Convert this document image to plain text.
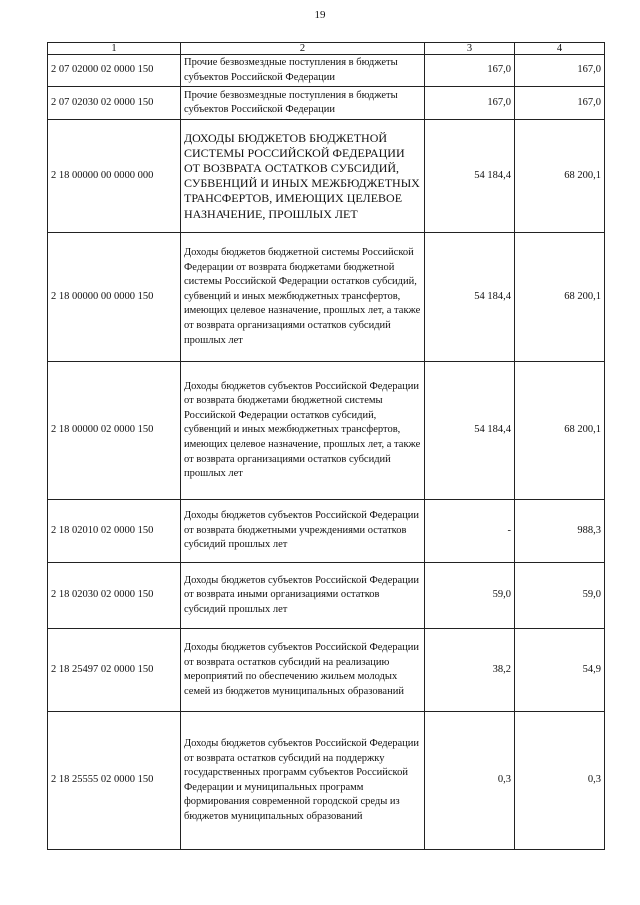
19
1	2	3	4
2 07 02000 02 0000 150	Прочие безвозмездные поступления в бюджеты субъектов Российской Федерации	167,0	167,0
2 07 02030 02 0000 150	Прочие безвозмездные поступления в бюджеты субъектов Российской Федерации	167,0	167,0
2 18 00000 00 0000 000	ДОХОДЫ БЮДЖЕТОВ БЮДЖЕТНОЙ СИСТЕМЫ РОССИЙСКОЙ ФЕДЕРАЦИИ ОТ ВОЗВРАТА ОСТАТКОВ СУБСИДИЙ, СУБВЕНЦИЙ И ИНЫХ МЕЖБЮДЖЕТНЫХ ТРАНСФЕРТОВ, ИМЕЮЩИХ ЦЕЛЕВОЕ НАЗНАЧЕНИЕ, ПРОШЛЫХ ЛЕТ	54 184,4	68 200,1
2 18 00000 00 0000 150	Доходы бюджетов бюджетной системы Российской Федерации от возврата бюджетами бюджетной системы Российской Федерации остатков субсидий, субвенций и иных межбюджетных трансфертов, имеющих целевое назначение, прошлых лет, а также от возврата организациями остатков субсидий прошлых лет	54 184,4	68 200,1
2 18 00000 02 0000 150	Доходы бюджетов субъектов Российской Федерации от возврата бюджетами бюджетной системы Российской Федерации остатков субсидий, субвенций и иных межбюджетных трансфертов, имеющих целевое назначение, прошлых лет, а также от возврата организациями остатков субсидий прошлых лет	54 184,4	68 200,1
2 18 02010 02 0000 150	Доходы бюджетов субъектов Российской Федерации от возврата бюджетными учреждениями остатков субсидий прошлых лет	-	988,3
2 18 02030 02 0000 150	Доходы бюджетов субъектов Российской Федерации от возврата иными организациями остатков субсидий прошлых лет	59,0	59,0
2 18 25497 02 0000 150	Доходы бюджетов субъектов Российской Федерации от возврата остатков субсидий на реализацию мероприятий по обеспечению жильем молодых семей из бюджетов муниципальных образований	38,2	54,9
2 18 25555 02 0000 150	Доходы бюджетов субъектов Российской Федерации от возврата остатков субсидий на поддержку государственных программ субъектов Российской Федерации и муниципальных программ формирования современной городской среды из бюджетов муниципальных образований	0,3	0,3
